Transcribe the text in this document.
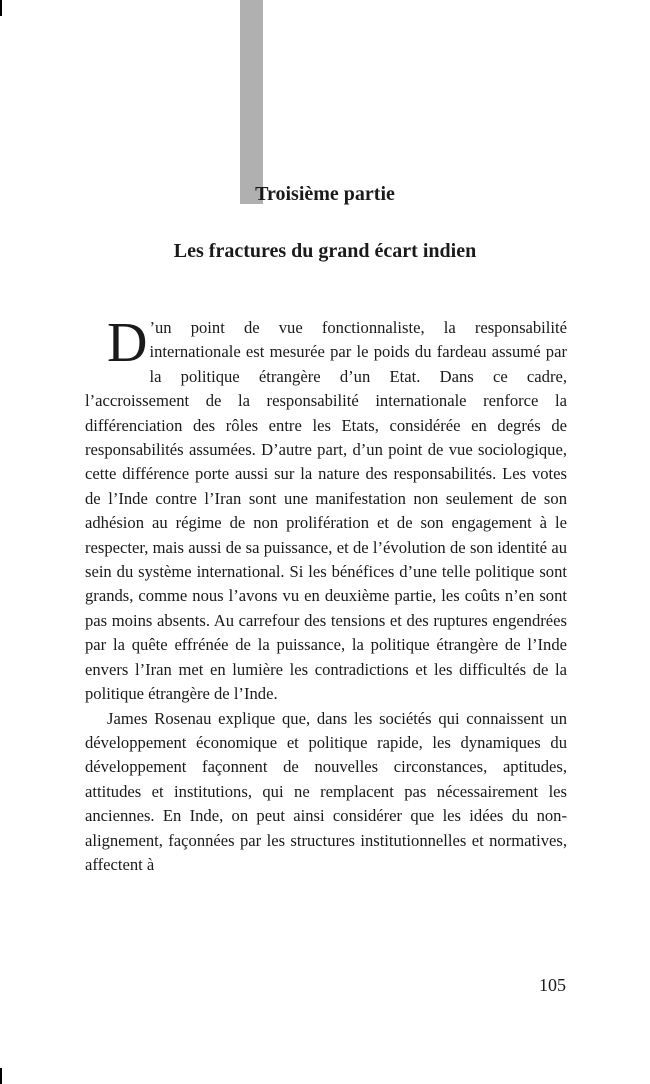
Troisième partie
Les fractures du grand écart indien

D ’un point de vue fonctionnaliste, la responsabilité internationale est mesurée par le poids du fardeau assumé par la politique étrangère d’un Etat. Dans ce cadre, l’accroissement de la responsabilité internationale renforce la différenciation des rôles entre les Etats, considérée en degrés de responsabilités assumées. D’autre part, d’un point de vue sociologique, cette différence porte aussi sur la nature des responsabilités. Les votes de l’Inde contre l’Iran sont une manifestation non seulement de son adhésion au régime de non prolifération et de son engagement à le respecter, mais aussi de sa puissance, et de l’évolution de son identité au sein du système international. Si les bénéfices d’une telle politique sont grands, comme nous l’avons vu en deuxième partie, les coûts n’en sont pas moins absents. Au carrefour des tensions et des ruptures engendrées par la quête effrénée de la puissance, la politique étrangère de l’Inde envers l’Iran met en lumière les contradictions et les difficultés de la politique étrangère de l’Inde.

James Rosenau explique que, dans les sociétés qui connaissent un développement économique et politique rapide, les dynamiques du développement façonnent de nouvelles circonstances, aptitudes, attitudes et institutions, qui ne remplacent pas nécessairement les anciennes. En Inde, on peut ainsi considérer que les idées du non-alignement, façonnées par les structures institutionnelles et normatives, affectent à

105
